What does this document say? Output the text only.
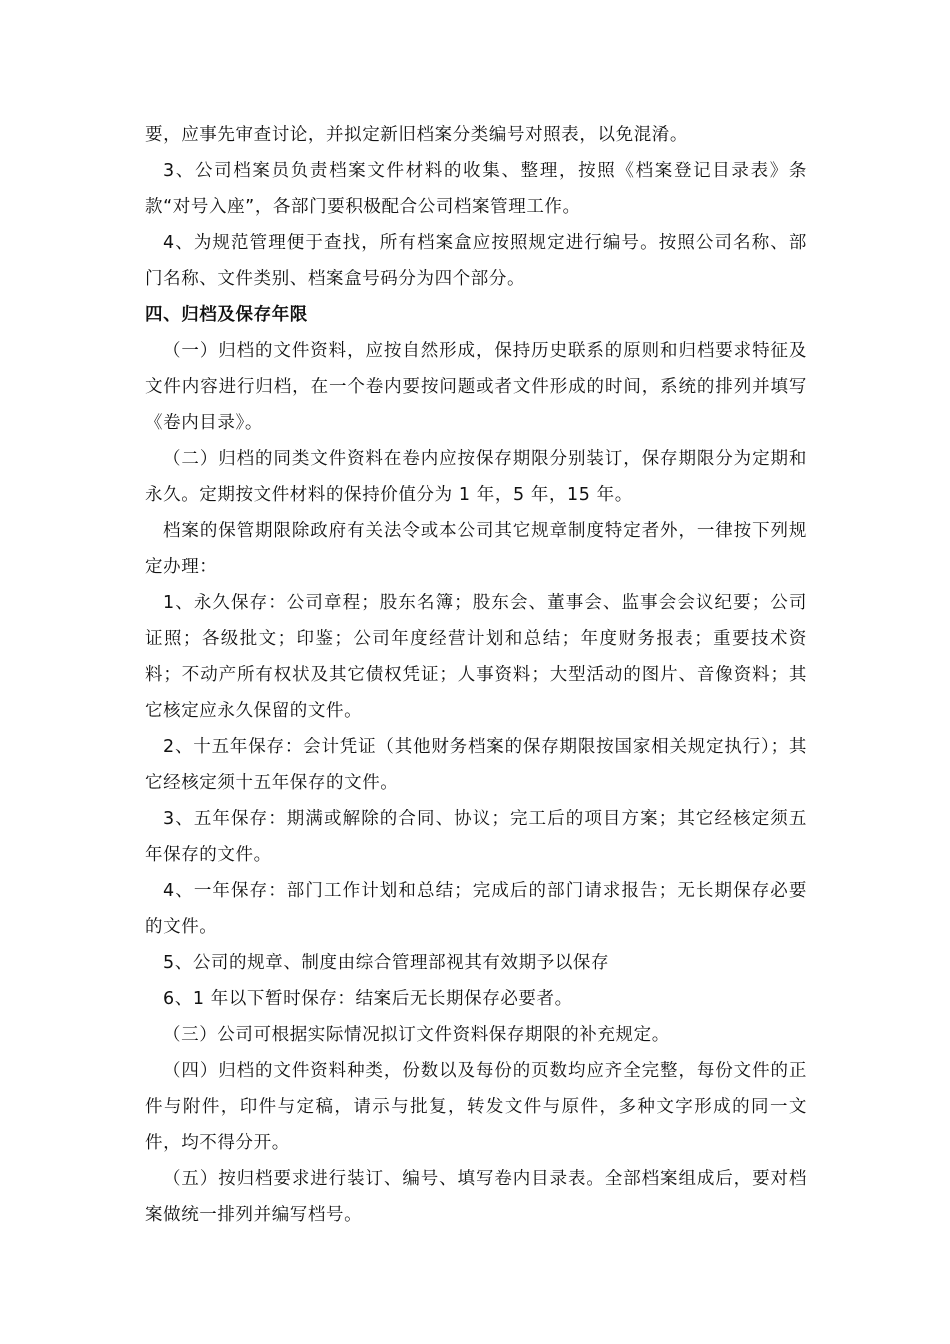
要，应事先审查讨论，并拟定新旧档案分类编号对照表，以免混淆。

3、公司档案员负责档案文件材料的收集、整理，按照《档案登记目录表》条款“对号入座”，各部门要积极配合公司档案管理工作。

4、为规范管理便于查找，所有档案盒应按照规定进行编号。按照公司名称、部门名称、文件类别、档案盒号码分为四个部分。

四、归档及保存年限

（一）归档的文件资料，应按自然形成，保持历史联系的原则和归档要求特征及文件内容进行归档，在一个卷内要按问题或者文件形成的时间，系统的排列并填写《卷内目录》。

（二）归档的同类文件资料在卷内应按保存期限分别装订，保存期限分为定期和永久。定期按文件材料的保持价值分为 1 年，5 年，15 年。

档案的保管期限除政府有关法令或本公司其它规章制度特定者外，一律按下列规定办理：

1、永久保存：公司章程；股东名簿；股东会、董事会、监事会会议纪要；公司证照；各级批文；印鉴；公司年度经营计划和总结；年度财务报表；重要技术资料；不动产所有权状及其它债权凭证；人事资料；大型活动的图片、音像资料；其它核定应永久保留的文件。

2、十五年保存：会计凭证（其他财务档案的保存期限按国家相关规定执行）；其它经核定须十五年保存的文件。

3、五年保存：期满或解除的合同、协议；完工后的项目方案；其它经核定须五年保存的文件。

4、一年保存：部门工作计划和总结；完成后的部门请求报告；无长期保存必要的文件。

5、公司的规章、制度由综合管理部视其有效期予以保存

6、1 年以下暂时保存：结案后无长期保存必要者。

（三）公司可根据实际情况拟订文件资料保存期限的补充规定。

（四）归档的文件资料种类，份数以及每份的页数均应齐全完整，每份文件的正件与附件，印件与定稿，请示与批复，转发文件与原件，多种文字形成的同一文件，均不得分开。

（五）按归档要求进行装订、编号、填写卷内目录表。全部档案组成后，要对档案做统一排列并编写档号。
